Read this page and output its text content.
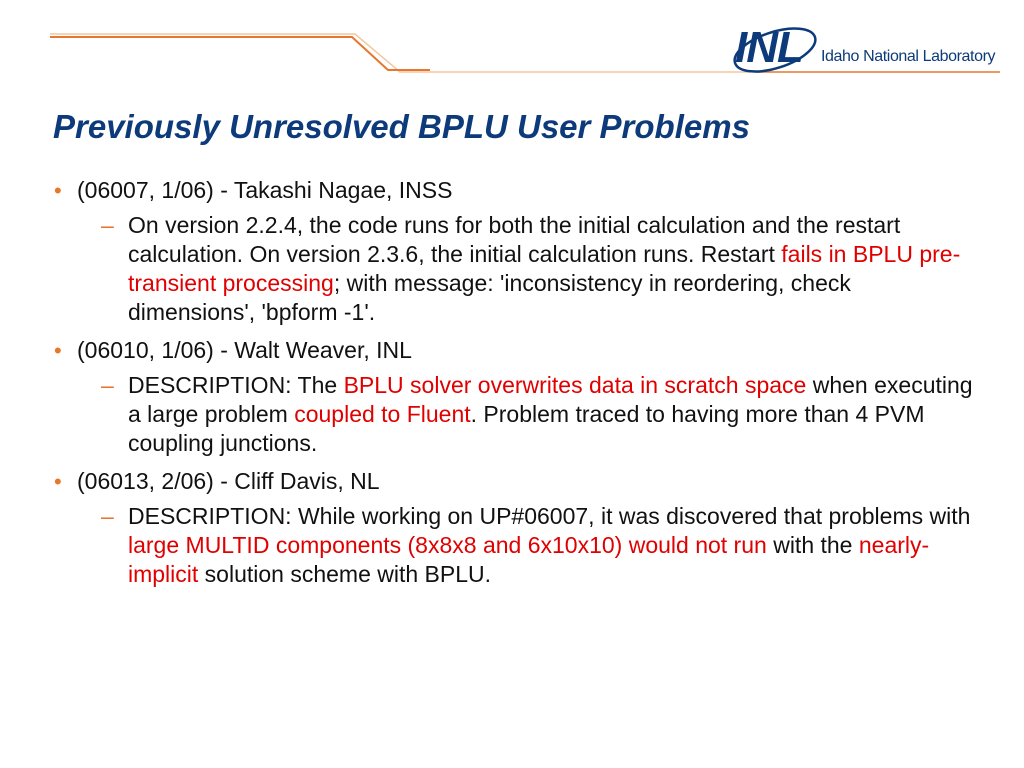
INL Idaho National Laboratory
Previously Unresolved BPLU User Problems
• (06007, 1/06) - Takashi Nagae, INSS
– On version 2.2.4, the code runs for both the initial calculation and the restart calculation. On version 2.3.6, the initial calculation runs. Restart fails in BPLU pre-transient processing; with message: 'inconsistency in reordering, check dimensions', 'bpform -1'.
• (06010, 1/06) - Walt Weaver, INL
– DESCRIPTION: The BPLU solver overwrites data in scratch space when executing a large problem coupled to Fluent. Problem traced to having more than 4 PVM coupling junctions.
• (06013, 2/06) - Cliff Davis, NL
– DESCRIPTION: While working on UP#06007, it was discovered that problems with large MULTID components (8x8x8 and 6x10x10) would not run with the nearly-implicit solution scheme with BPLU.
